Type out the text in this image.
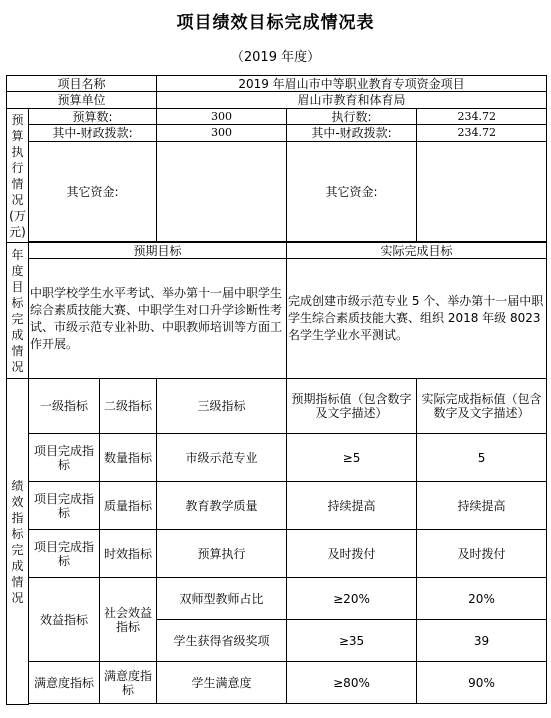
项目绩效目标完成情况表
（2019 年度）
项目名称			2019 年眉山市中等职业教育专项资金项目		
预算单位			眉山市教育和体育局		
预算执行情况(万元)	预算数:		300	执行数:	234.72
	其中-财政拨款:		300	其中-财政拨款:	234.72
	其它资金:			其它资金:	

年度目标完成情况	预期目标			实际完成目标	
	中职学校学生水平考试、举办第十一届中职学生综合素质技能大赛、中职学生对口升学诊断性考试、市级示范专业补助、中职教师培训等方面工作开展。			完成创建市级示范专业 5 个、举办第十一届中职学生综合素质技能大赛、组织 2018 年级 8023 名学生学业水平测试。	
绩效指标完成情况	一级指标	二级指标	三级指标	预期指标值（包含数字及文字描述）	实际完成指标值（包含数字及文字描述）
	项目完成指标	数量指标	市级示范专业	≥5	5
	项目完成指标	质量指标	教育教学质量	持续提高	持续提高
	项目完成指标	时效指标	预算执行	及时拨付	及时拨付
	效益指标	社会效益指标	双师型教师占比	≥20%	20%
			学生获得省级奖项	≥35	39
	满意度指标	满意度指标	学生满意度	≥80%	90%
